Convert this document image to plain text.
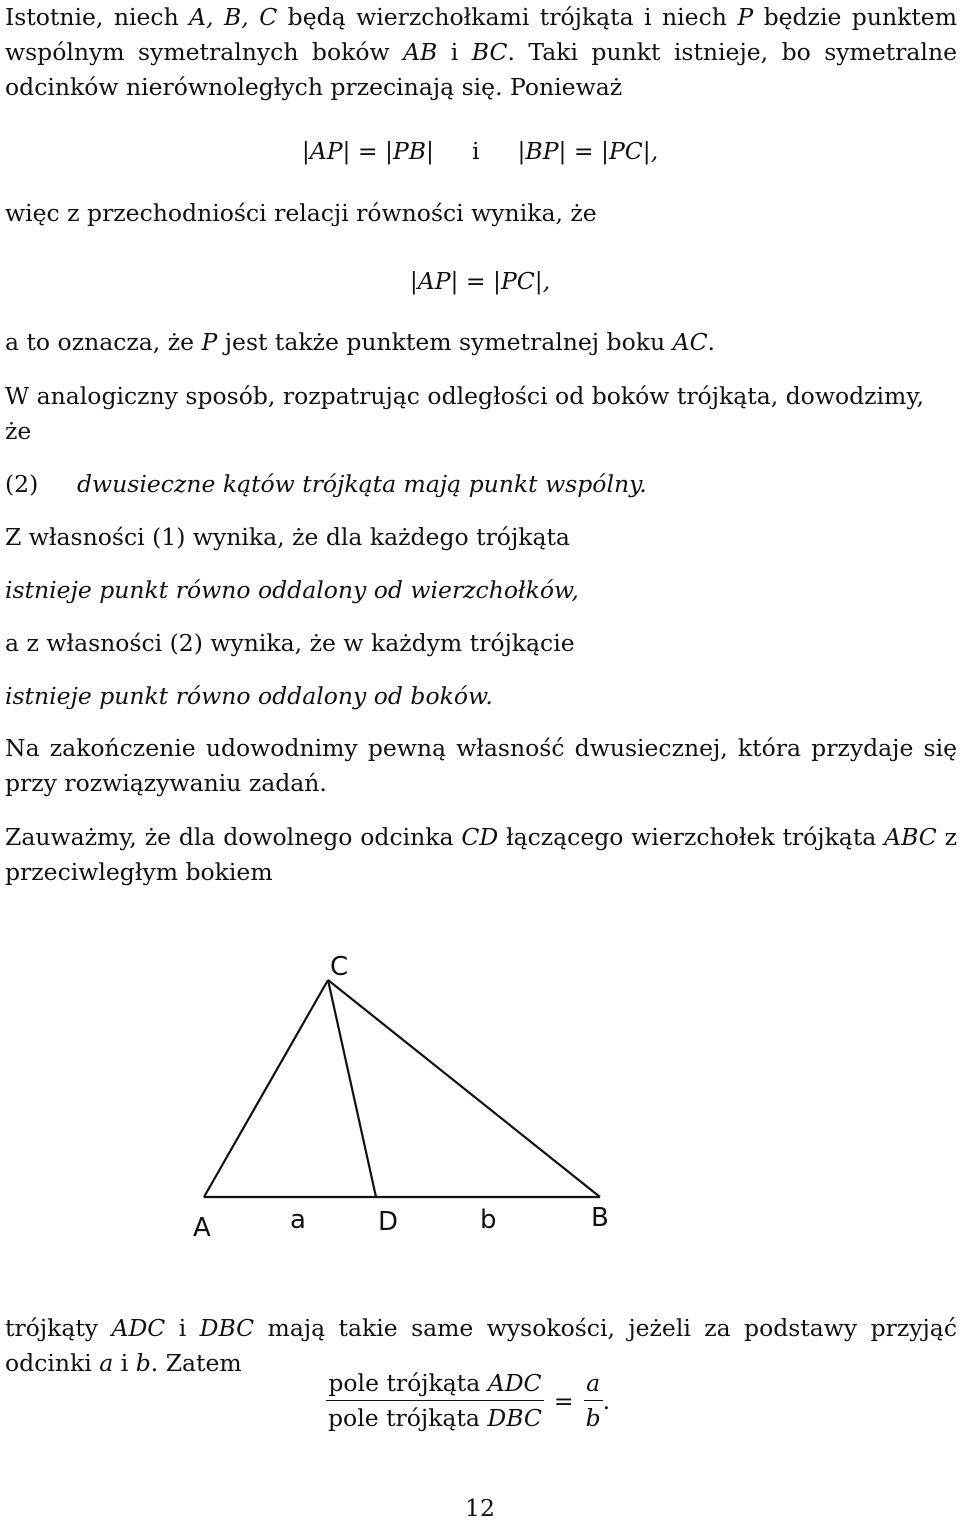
Istotnie, niech A, B, C będą wierzchołkami trójkąta i niech P będzie punktem wspólnym symetralnych boków AB i BC. Taki punkt istnieje, bo symetralne odcinków nierównoległych przecinają się. Ponieważ
|AP| = |PB| i |BP| = |PC|,
więc z przechodniości relacji równości wynika, że
|AP| = |PC|,
a to oznacza, że P jest także punktem symetralnej boku AC.
W analogiczny sposób, rozpatrując odległości od boków trójkąta, dowodzimy, że
(2) dwusieczne kątów trójkąta mają punkt wspólny.
Z własności (1) wynika, że dla każdego trójkąta
istnieje punkt równo oddalony od wierzchołków,
a z własności (2) wynika, że w każdym trójkącie
istnieje punkt równo oddalony od boków.
Na zakończenie udowodnimy pewną własność dwusiecznej, która przydaje się przy rozwiązywaniu zadań.
Zauważmy, że dla dowolnego odcinka CD łączącego wierzchołek trójkąta ABC z przeciwległym bokiem
C
A	a	D	b	B
trójkąty ADC i DBC mają takie same wysokości, jeżeli za podstawy przyjąć odcinki a i b. Zatem
pole trójkąta ADC
pole trójkąta DBC
= $\frac{a}{b}$ .
12
